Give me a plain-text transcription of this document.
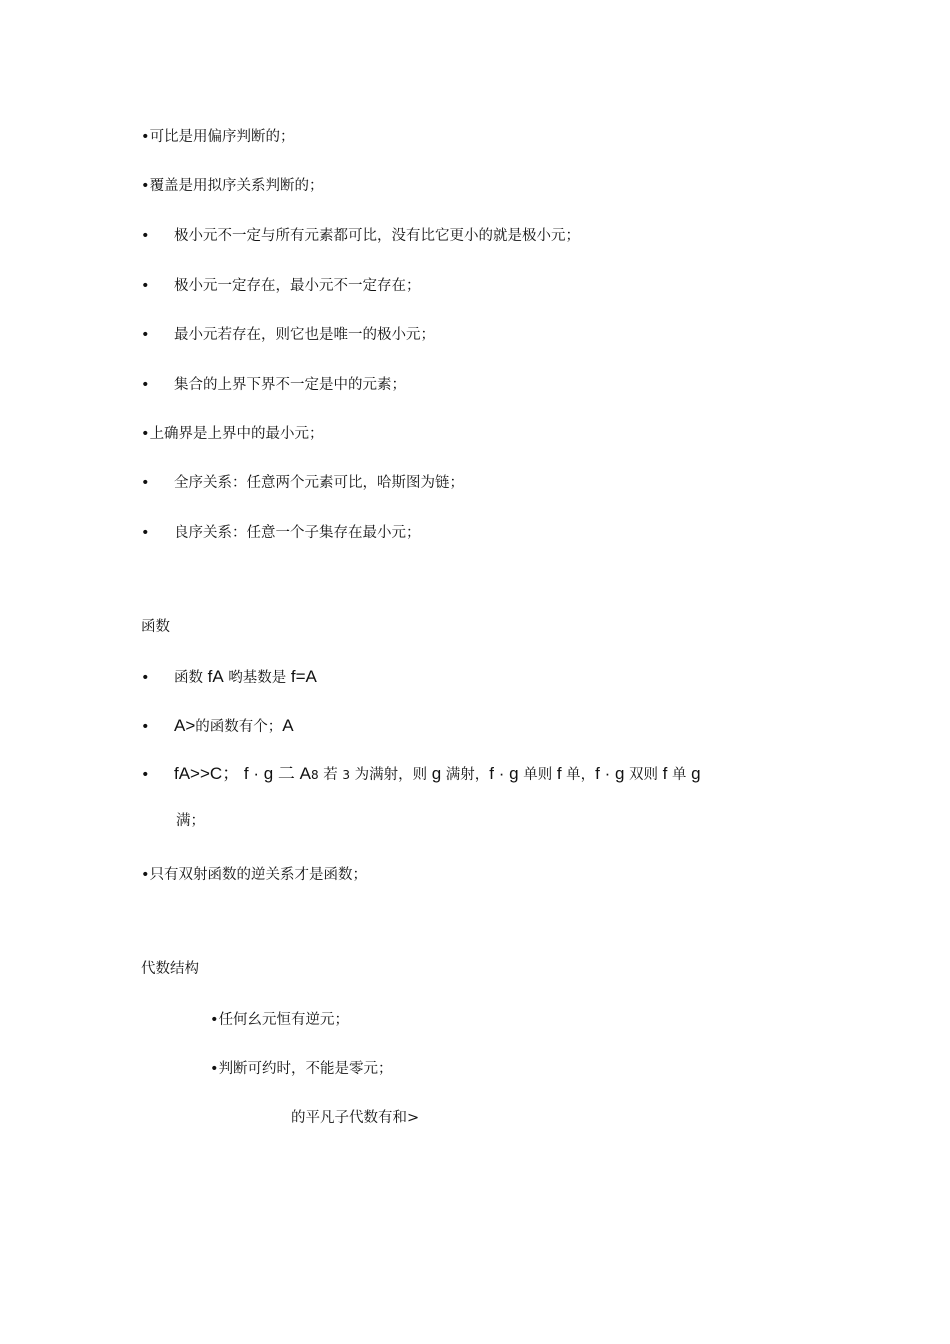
•可比是用偏序判断的；
•覆盖是用拟序关系判断的；
• 极小元不一定与所有元素都可比，没有比它更小的就是极小元；
• 极小元一定存在，最小元不一定存在；
• 最小元若存在，则它也是唯一的极小元；
• 集合的上界下界不一定是中的元素；
•上确界是上界中的最小元；
• 全序关系：任意两个元素可比，哈斯图为链；
• 良序关系：任意一个子集存在最小元；
函数
• 函数 fA 哟基数是 f=A
• A>的函数有个；A
• fA>>C； f · g 二 A8 若 3 为满射，则 g 满射，f · g 单则 f 单，f · g 双则 f 单 g
满；
•只有双射函数的逆关系才是函数；
代数结构
•任何幺元恒有逆元；
•判断可约时，不能是零元；
的平凡子代数有和>
